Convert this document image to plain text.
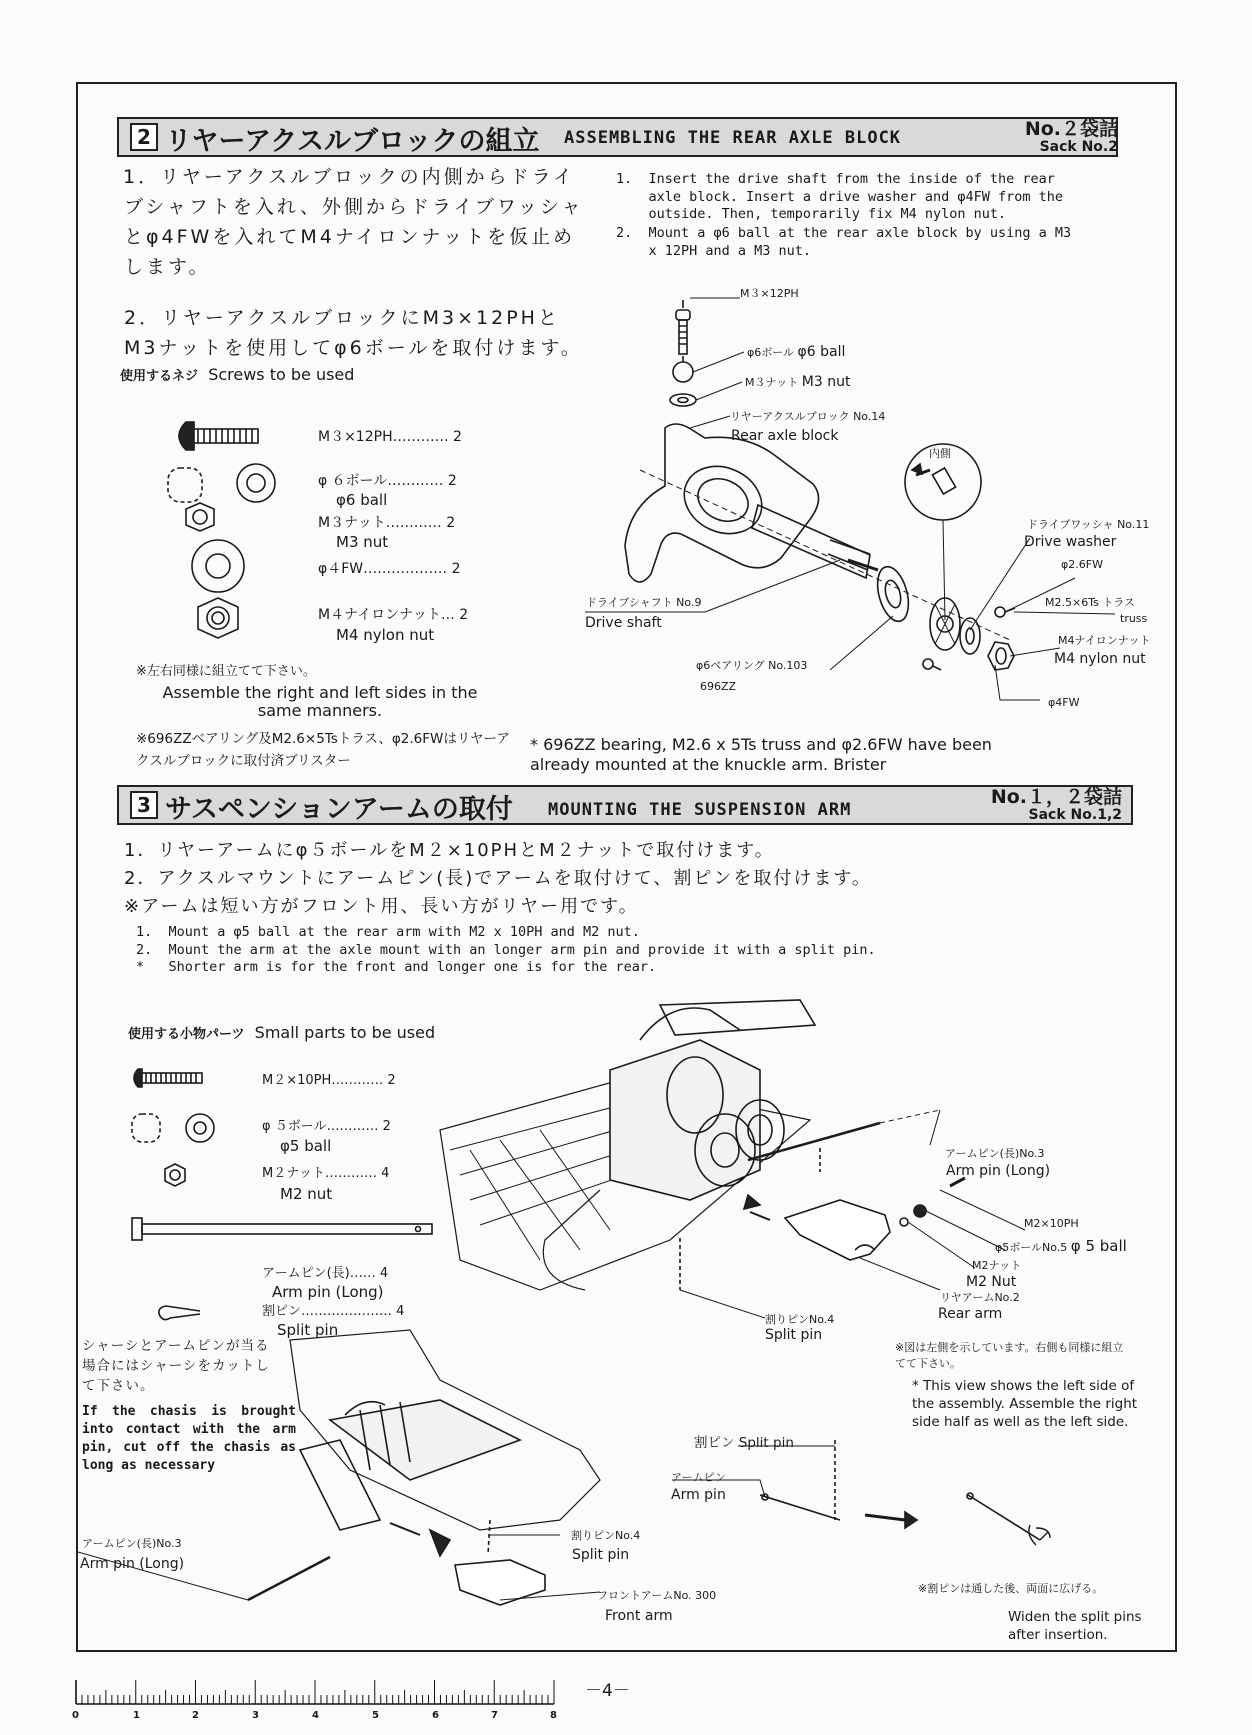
2 リヤーアクスルブロックの組立 ASSEMBLING THE REAR AXLE BLOCK	No.２袋詰
Sack No.2
1．リヤーアクスルブロックの内側からドライブシャフトを入れ、外側からドライブワッシャとφ4FWを入れてM4ナイロンナットを仮止めします。
2．リヤーアクスルブロックにM3×12PHとM3ナットを使用してφ6ボールを取付けます。
1.  Insert the drive shaft from the inside of the rear
axle block. Insert a drive washer and φ4FW from the
outside. Then, temporarily fix M4 nylon nut.
2.  Mount a φ6 ball at the rear axle block by using a M3
x 12PH and a M3 nut.
使用するネジ Screws to be used
M３×12PH………… 2
φ ６ボール………… 2
φ6 ball
M３ナット………… 2
M3 nut
φ４FW……………… 2
M４ナイロンナット… 2
M4 nylon nut
※左右同様に組立てて下さい。
Assemble the right and left sides in the same manners.
※696ZZベアリング及M2.6×5Tsトラス、φ2.6FWはリヤーアクスルブロックに取付済ブリスター
* 696ZZ bearing, M2.6 x 5Ts truss and φ2.6FW have been already mounted at the knuckle arm. Brister
M３×12PH
φ6ボール φ6 ball
M３ナット M3 nut
リヤーアクスルブロック No.14
Rear axle block
内側
ドライブワッシャ No.11
Drive washer
φ2.6FW
M2.5×6Ts トラス
truss
M4ナイロンナット
M4 nylon nut
ドライブシャフト No.9
Drive shaft
φ6ベアリング No.103
696ZZ
φ4FW
3 サスペンションアームの取付 MOUNTING THE SUSPENSION ARM
No.１，２袋詰
Sack No.1,2
1．リヤーアームにφ５ボールをM２×10PHとM２ナットで取付けます。
2．アクスルマウントにアームピン(長)でアームを取付けて、割ピンを取付けます。
※アームは短い方がフロント用、長い方がリヤー用です。
1.  Mount a φ5 ball at the rear arm with M2 x 10PH and M2 nut.
2.  Mount the arm at the axle mount with an longer arm pin and provide it with a split pin.
*   Shorter arm is for the front and longer one is for the rear.
使用する小物パーツ Small parts to be used
M２×10PH………… 2
φ ５ボール………… 2
φ5 ball
M２ナット………… 4
M2 nut
アームピン(長)…… 4
Arm pin (Long)
割ピン………………… 4
Split pin
シャーシとアームピンが当る場合にはシャーシをカットして下さい。
If the chasis is brought into contact with the arm pin, cut off the chasis as long as necessary
アームピン(長)No.3
Arm pin (Long)
M2×10PH
φ5ボールNo.5 φ 5 ball
M2ナット
M2 Nut
リヤアームNo.2
Rear arm
割りピンNo.4
Split pin
※図は左側を示しています。右側も同様に組立てて下さい。
* This view shows the left side of the assembly. Assemble the right side half as well as the left side.
割ピン Split pin
アームピン
Arm pin
アームピン(長)No.3
Arm pin (Long)
割りピンNo.4
Split pin
フロントアームNo. 300
Front arm
※割ピンは通した後、両面に広げる。
Widen the split pins after insertion.
－4－
0	1	2	3	4	5	6	7	8
